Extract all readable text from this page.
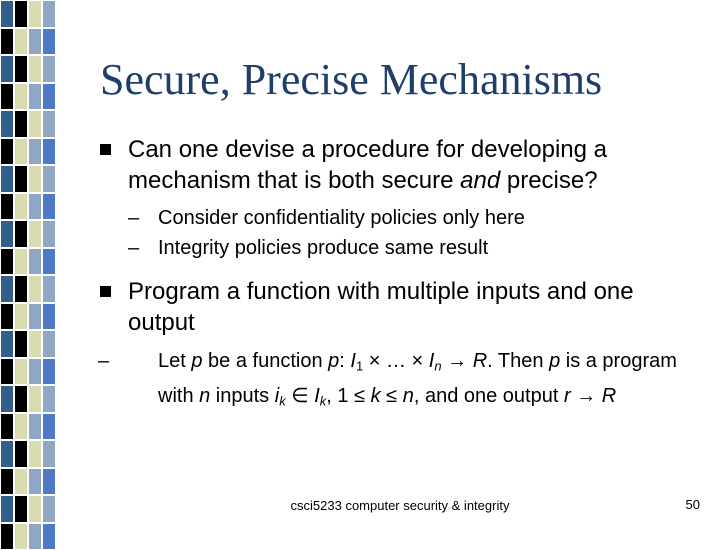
Secure, Precise Mechanisms
Can one devise a procedure for developing a mechanism that is both secure and precise?
– Consider confidentiality policies only here
– Integrity policies produce same result
Program a function with multiple inputs and one output
– Let p be a function p: $I_1$ × … × $I_n \to R$. Then p is a program with n inputs $i_k$ ∈ $I_k$, 1 ≤ k ≤ n, and one output r → R
csci5233 computer security & integrity	50
